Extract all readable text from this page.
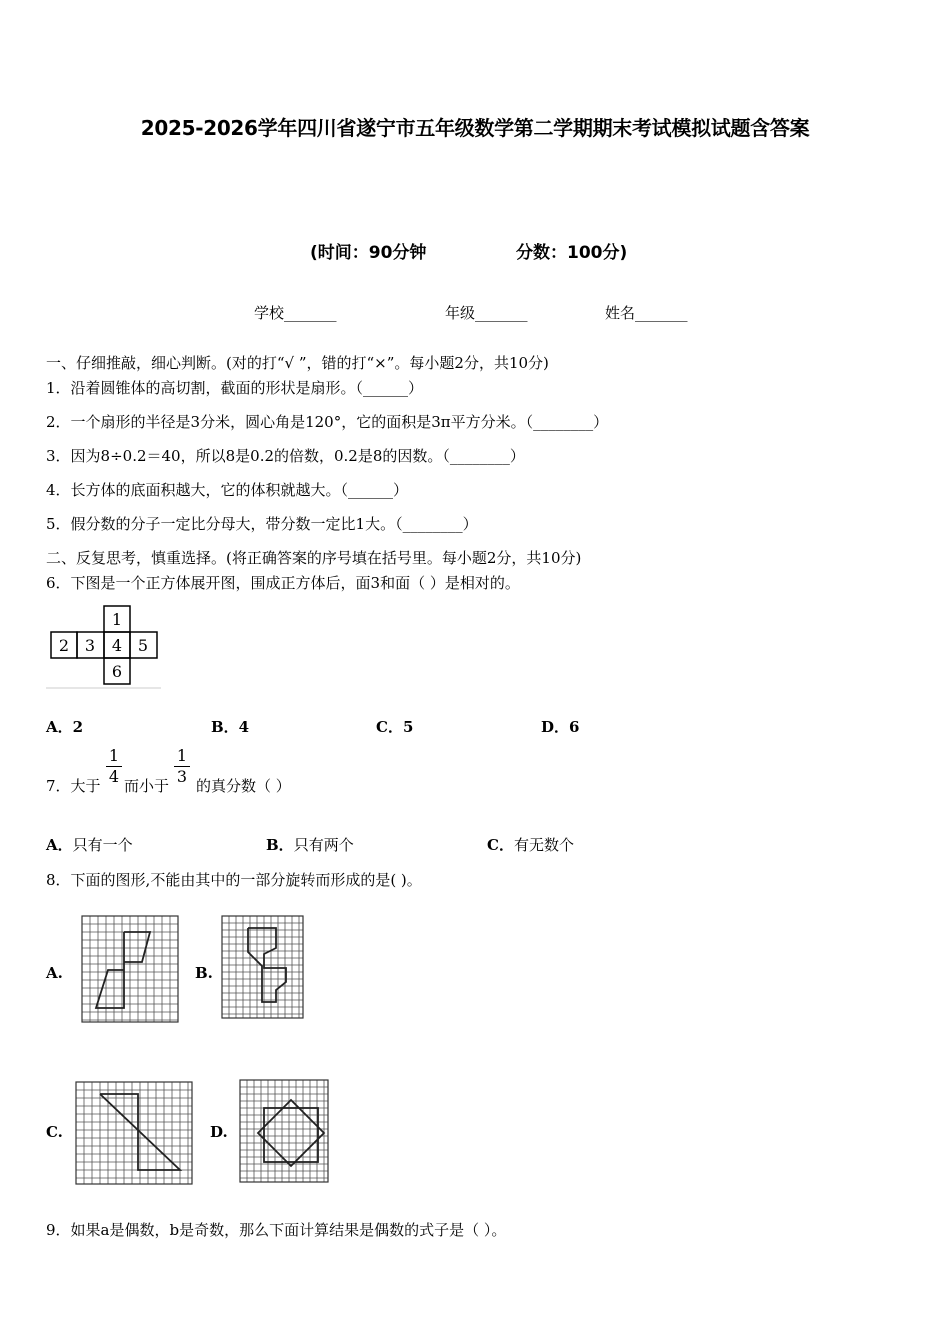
2025-2026学年四川省遂宁市五年级数学第二学期期末考试模拟试题含答案
(时间：90分钟	分数：100分)
学校_______	年级_______	姓名_______
一、仔细推敲，细心判断。(对的打“√ ”，错的打“×”。每小题2分，共10分)
1．沿着圆锥体的高切割，截面的形状是扇形。（______）
2．一个扇形的半径是3分米，圆心角是120°，它的面积是3π平方分米。（________）
3．因为8÷0.2＝40，所以8是0.2的倍数，0.2是8的因数。（________）
4．长方体的底面积越大，它的体积就越大。（______）
5．假分数的分子一定比分母大，带分数一定比1大。（________）
二、反复思考，慎重选择。(将正确答案的序号填在括号里。每小题2分，共10分)
6．下图是一个正方体展开图，围成正方体后，面3和面（ ）是相对的。
1
2 3 4 5
6
A．2	B．4	C．5	D．6
7．大于
1
4 而小于
1
3 的真分数（ ）
A．只有一个	B．只有两个	C．有无数个
8．下面的图形,不能由其中的一部分旋转而形成的是( )。
A.	B.
C.	D.
9．如果a是偶数，b是奇数，那么下面计算结果是偶数的式子是（ ）。
